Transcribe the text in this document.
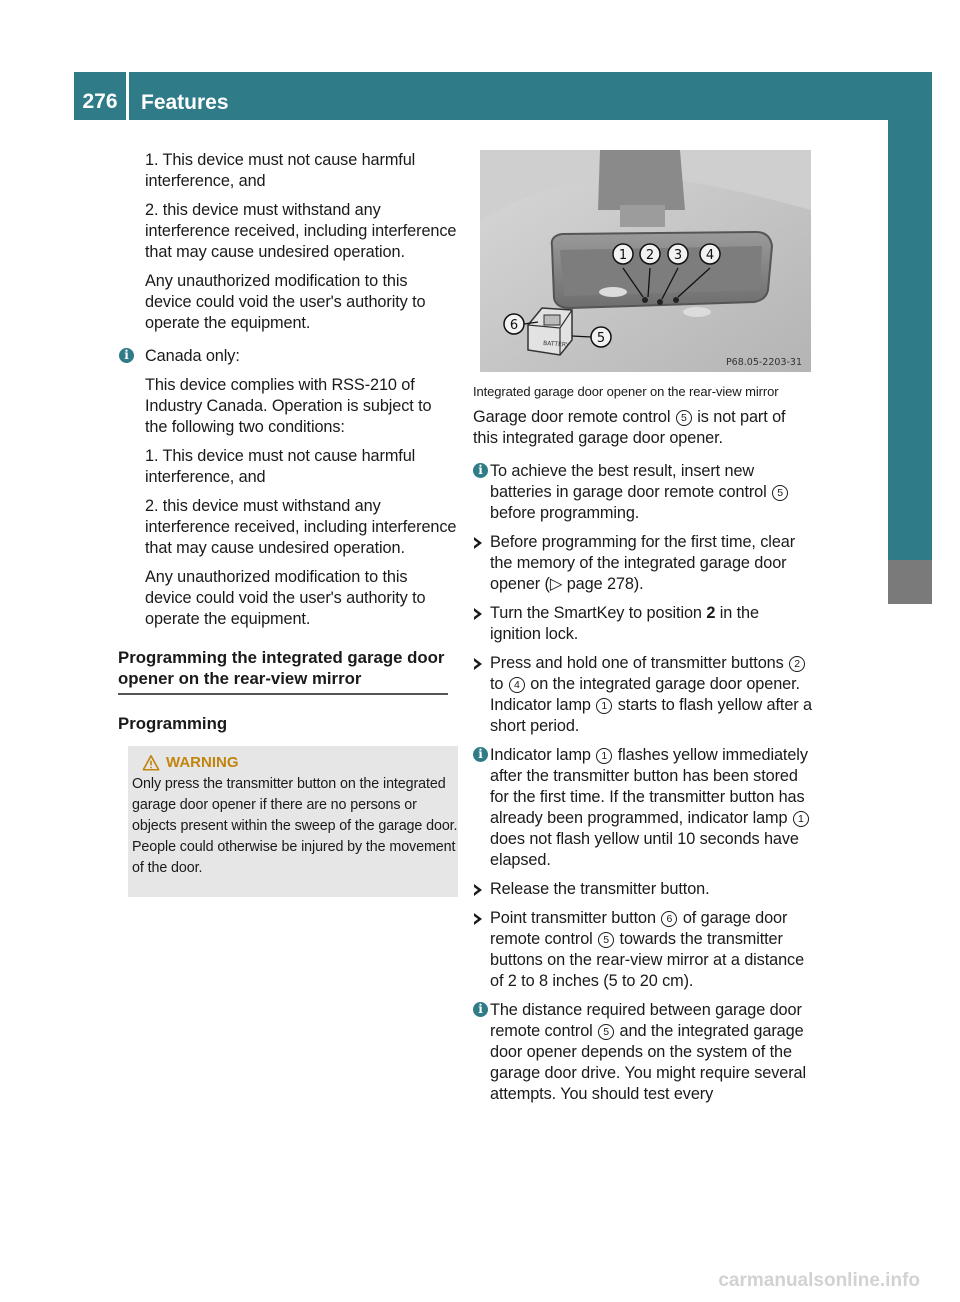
276	Features
Stowing and features	1. This device must not cause harmful interference, and

2. this device must withstand any interference received, including interference that may cause undesired operation.

Any unauthorized modification to this device could void the user's authority to operate the equipment.

i Canada only:

This device complies with RSS-210 of Industry Canada. Operation is subject to the following two conditions:

1. This device must not cause harmful interference, and

2. this device must withstand any interference received, including interference that may cause undesired operation.

Any unauthorized modification to this device could void the user's authority to operate the equipment.

Programming the integrated garage door opener on the rear-view mirror
Programming
WARNING

Only press the transmitter button on the integrated garage door opener if there are no persons or objects present within the sweep of the garage door. People could otherwise be injured by the movement of the door.

1 2 3 4
5
6
BATTERY
P68.05-2203-31

Integrated garage door opener on the rear-view mirror

Garage door remote control 5 is not part of this integrated garage door opener.

i To achieve the best result, insert new batteries in garage door remote control 5 before programming.

Before programming for the first time, clear the memory of the integrated garage door opener (▷ page 278).

Turn the SmartKey to position 2 in the ignition lock.

Press and hold one of transmitter buttons 2 to 4 on the integrated garage door opener.
Indicator lamp 1 starts to flash yellow after a short period.

i Indicator lamp 1 flashes yellow immediately after the transmitter button has been stored for the first time. If the transmitter button has already been programmed, indicator lamp 1 does not flash yellow until 10 seconds have elapsed.

Release the transmitter button.

Point transmitter button 6 of garage door remote control 5 towards the transmitter buttons on the rear-view mirror at a distance of 2 to 8 inches (5 to 20 cm).

i The distance required between garage door remote control 5 and the integrated garage door opener depends on the system of the garage door drive. You might require several attempts. You should test every

carmanualsonline.info
